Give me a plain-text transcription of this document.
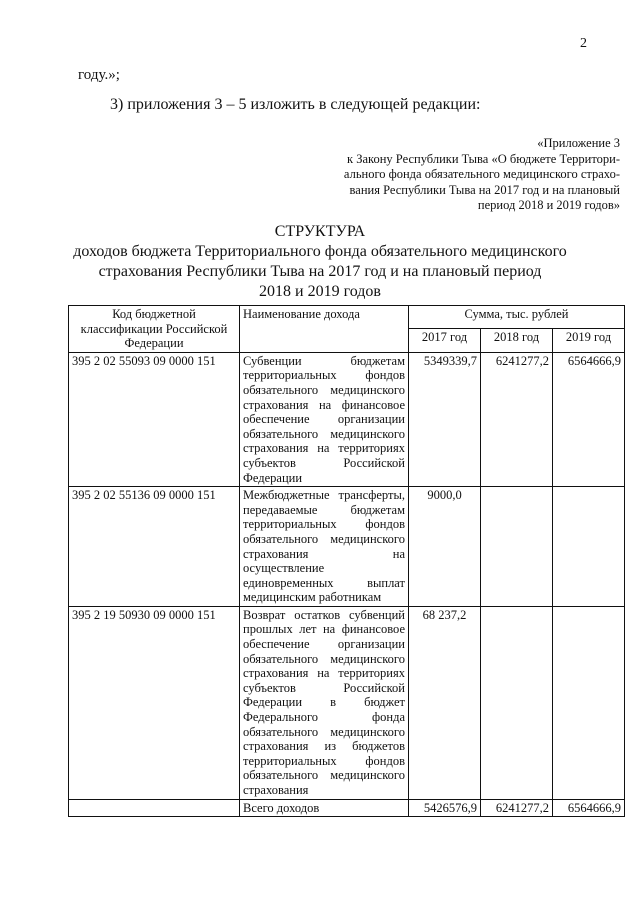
2
году.»;
3) приложения 3 – 5 изложить в следующей редакции:
«Приложение 3
к Закону Республики Тыва «О бюджете Территори-
ального фонда обязательного медицинского страхо-
вания Республики Тыва на 2017 год и на плановый
период 2018 и 2019 годов»
СТРУКТУРА
доходов бюджета Территориального фонда обязательного медицинского
страхования Республики Тыва на 2017 год и на плановый период
2018 и 2019 годов
Код бюджетной классификации Российской Федерации	Наименование дохода	Сумма, тыс. рублей		
		2017 год	2018 год	2019 год
395 2 02 55093 09 0000 151	Субвенции бюджетам территориальных фондов обязательного медицинского страхования на финансовое обеспечение организации обязательного медицинского страхования на территориях субъектов Российской Федерации	5349339,7	6241277,2	6564666,9
395 2 02 55136 09 0000 151	Межбюджетные трансферты, передаваемые бюджетам территориальных фондов обязательного медицинского страхования на осуществление единовременных выплат медицинским работникам	9000,0		
395 2 19 50930 09 0000 151	Возврат остатков субвенций прошлых лет на финансовое обеспечение организации обязательного медицинского страхования на территориях субъектов Российской Федерации в бюджет Федерального фонда обязательного медицинского страхования из бюджетов территориальных фондов обязательного медицинского страхования	68 237,2		
	Всего доходов	5426576,9	6241277,2	6564666,9
